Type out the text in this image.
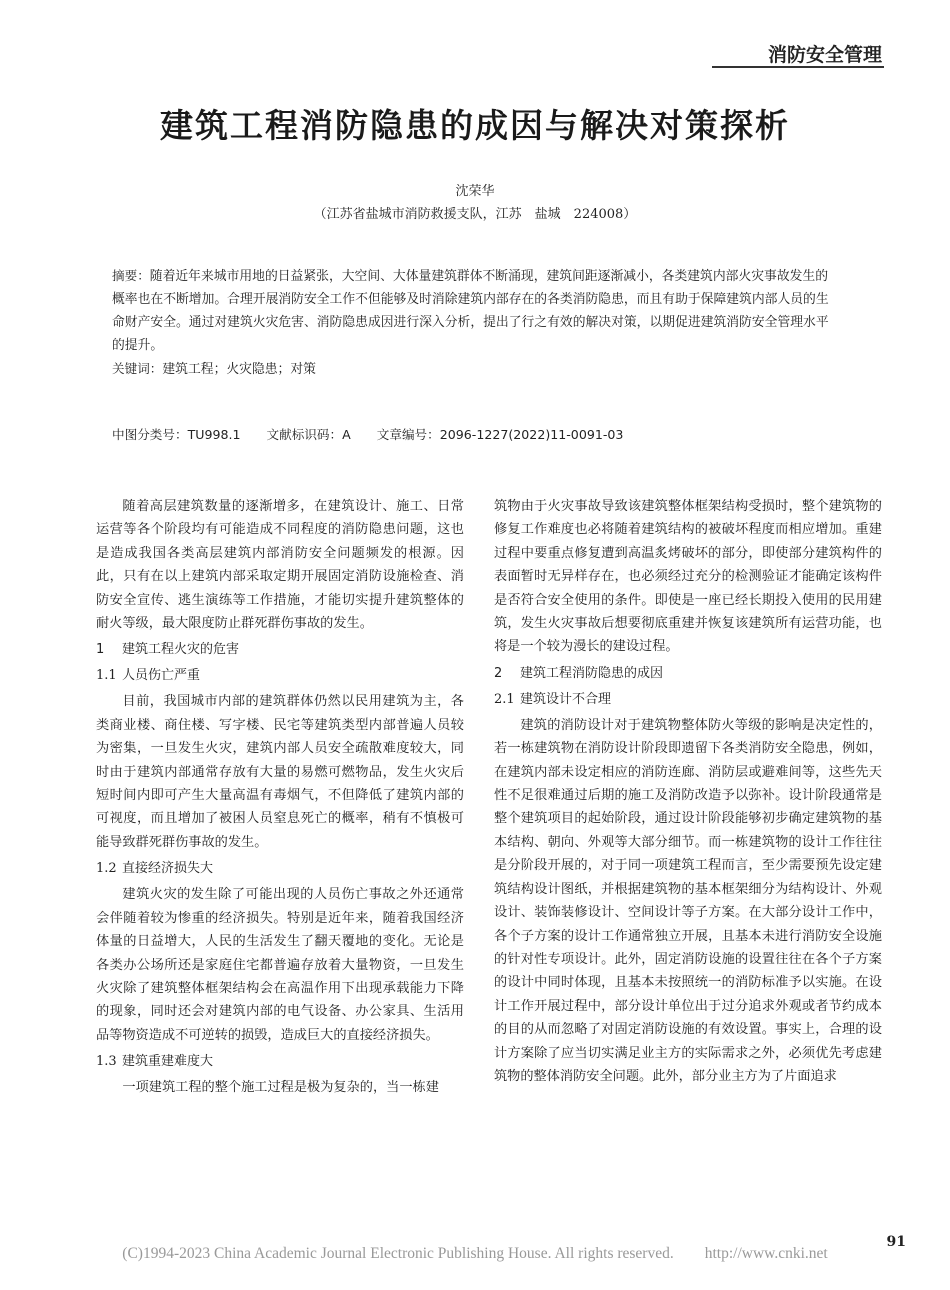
消防安全管理
建筑工程消防隐患的成因与解决对策探析
沈荣华
（江苏省盐城市消防救援支队，江苏　盐城　224008）

摘要：随着近年来城市用地的日益紧张，大空间、大体量建筑群体不断涌现，建筑间距逐渐减小，各类建筑内部火灾事故发生的概率也在不断增加。合理开展消防安全工作不但能够及时消除建筑内部存在的各类消防隐患，而且有助于保障建筑内部人员的生命财产安全。通过对建筑火灾危害、消防隐患成因进行深入分析，提出了行之有效的解决对策，以期促进建筑消防安全管理水平的提升。

关键词：建筑工程；火灾隐患；对策

中图分类号：TU998.1 文献标识码：A 文章编号：2096-1227(2022)11-0091-03

随着高层建筑数量的逐渐增多，在建筑设计、施工、日常运营等各个阶段均有可能造成不同程度的消防隐患问题，这也是造成我国各类高层建筑内部消防安全问题频发的根源。因此，只有在以上建筑内部采取定期开展固定消防设施检查、消防安全宣传、逃生演练等工作措施，才能切实提升建筑整体的耐火等级，最大限度防止群死群伤事故的发生。

1 建筑工程火灾的危害
1.1 人员伤亡严重

目前，我国城市内部的建筑群体仍然以民用建筑为主，各类商业楼、商住楼、写字楼、民宅等建筑类型内部普遍人员较为密集，一旦发生火灾，建筑内部人员安全疏散难度较大，同时由于建筑内部通常存放有大量的易燃可燃物品，发生火灾后短时间内即可产生大量高温有毒烟气，不但降低了建筑内部的可视度，而且增加了被困人员窒息死亡的概率，稍有不慎极可能导致群死群伤事故的发生。

1.2 直接经济损失大

建筑火灾的发生除了可能出现的人员伤亡事故之外还通常会伴随着较为惨重的经济损失。特别是近年来，随着我国经济体量的日益增大，人民的生活发生了翻天覆地的变化。无论是各类办公场所还是家庭住宅都普遍存放着大量物资，一旦发生火灾除了建筑整体框架结构会在高温作用下出现承载能力下降的现象，同时还会对建筑内部的电气设备、办公家具、生活用品等物资造成不可逆转的损毁，造成巨大的直接经济损失。

1.3 建筑重建难度大

一项建筑工程的整个施工过程是极为复杂的，当一栋建

筑物由于火灾事故导致该建筑整体框架结构受损时，整个建筑物的修复工作难度也必将随着建筑结构的被破坏程度而相应增加。重建过程中要重点修复遭到高温炙烤破坏的部分，即使部分建筑构件的表面暂时无异样存在，也必须经过充分的检测验证才能确定该构件是否符合安全使用的条件。即使是一座已经长期投入使用的民用建筑，发生火灾事故后想要彻底重建并恢复该建筑所有运营功能，也将是一个较为漫长的建设过程。

2 建筑工程消防隐患的成因
2.1 建筑设计不合理

建筑的消防设计对于建筑物整体防火等级的影响是决定性的，若一栋建筑物在消防设计阶段即遗留下各类消防安全隐患，例如，在建筑内部未设定相应的消防连廊、消防层或避难间等，这些先天性不足很难通过后期的施工及消防改造予以弥补。设计阶段通常是整个建筑项目的起始阶段，通过设计阶段能够初步确定建筑物的基本结构、朝向、外观等大部分细节。而一栋建筑物的设计工作往往是分阶段开展的，对于同一项建筑工程而言，至少需要预先设定建筑结构设计图纸，并根据建筑物的基本框架细分为结构设计、外观设计、装饰装修设计、空间设计等子方案。在大部分设计工作中，各个子方案的设计工作通常独立开展，且基本未进行消防安全设施的针对性专项设计。此外，固定消防设施的设置往往在各个子方案的设计中同时体现，且基本未按照统一的消防标准予以实施。在设计工作开展过程中，部分设计单位出于过分追求外观或者节约成本的目的从而忽略了对固定消防设施的有效设置。事实上，合理的设计方案除了应当切实满足业主方的实际需求之外，必须优先考虑建筑物的整体消防安全问题。此外，部分业主方为了片面追求

91
(C)1994-2023 China Academic Journal Electronic Publishing House. All rights reserved.　　http://www.cnki.net
